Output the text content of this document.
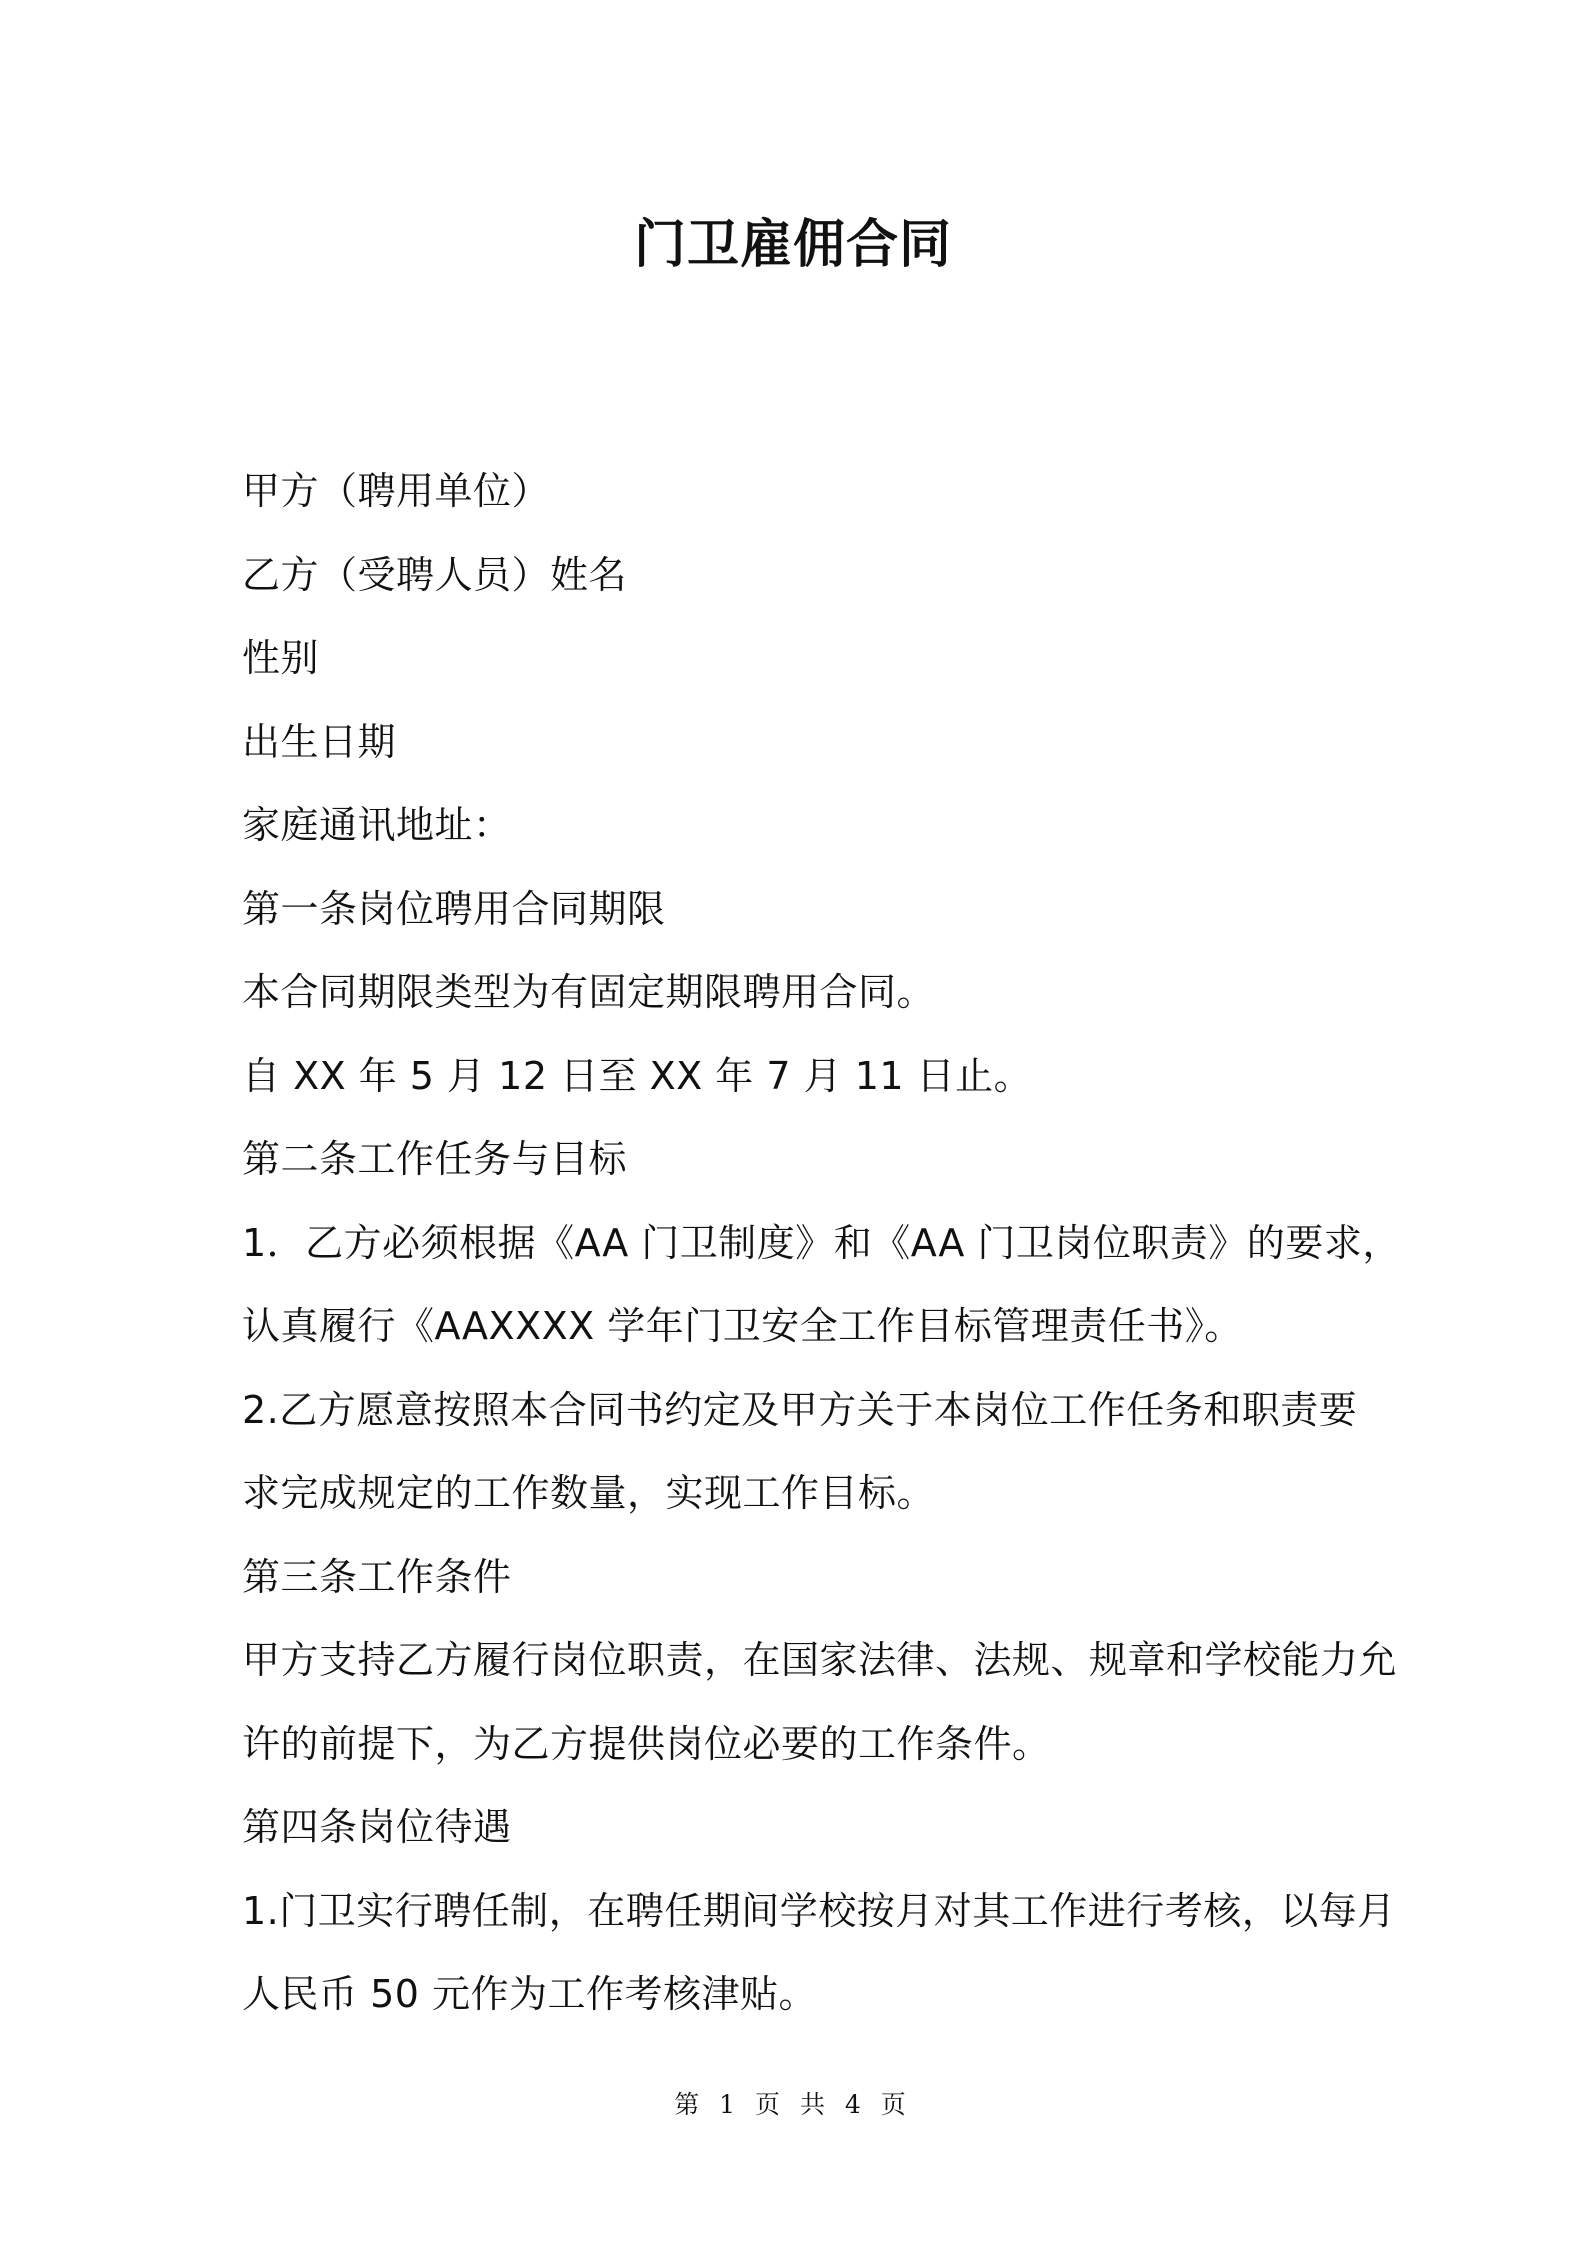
门卫雇佣合同
甲方（聘用单位）
乙方（受聘人员）姓名
性别
出生日期
家庭通讯地址：
第一条岗位聘用合同期限
本合同期限类型为有固定期限聘用合同。
自 XX 年 5 月 12 日至 XX 年 7 月 11 日止。
第二条工作任务与目标
1．乙方必须根据《AA 门卫制度》和《AA 门卫岗位职责》的要求，
认真履行《AAXXXX 学年门卫安全工作目标管理责任书》。
2.乙方愿意按照本合同书约定及甲方关于本岗位工作任务和职责要
求完成规定的工作数量，实现工作目标。
第三条工作条件
甲方支持乙方履行岗位职责，在国家法律、法规、规章和学校能力允
许的前提下，为乙方提供岗位必要的工作条件。
第四条岗位待遇
1.门卫实行聘任制，在聘任期间学校按月对其工作进行考核，以每月
人民币 50 元作为工作考核津贴。
第 1 页 共 4 页
